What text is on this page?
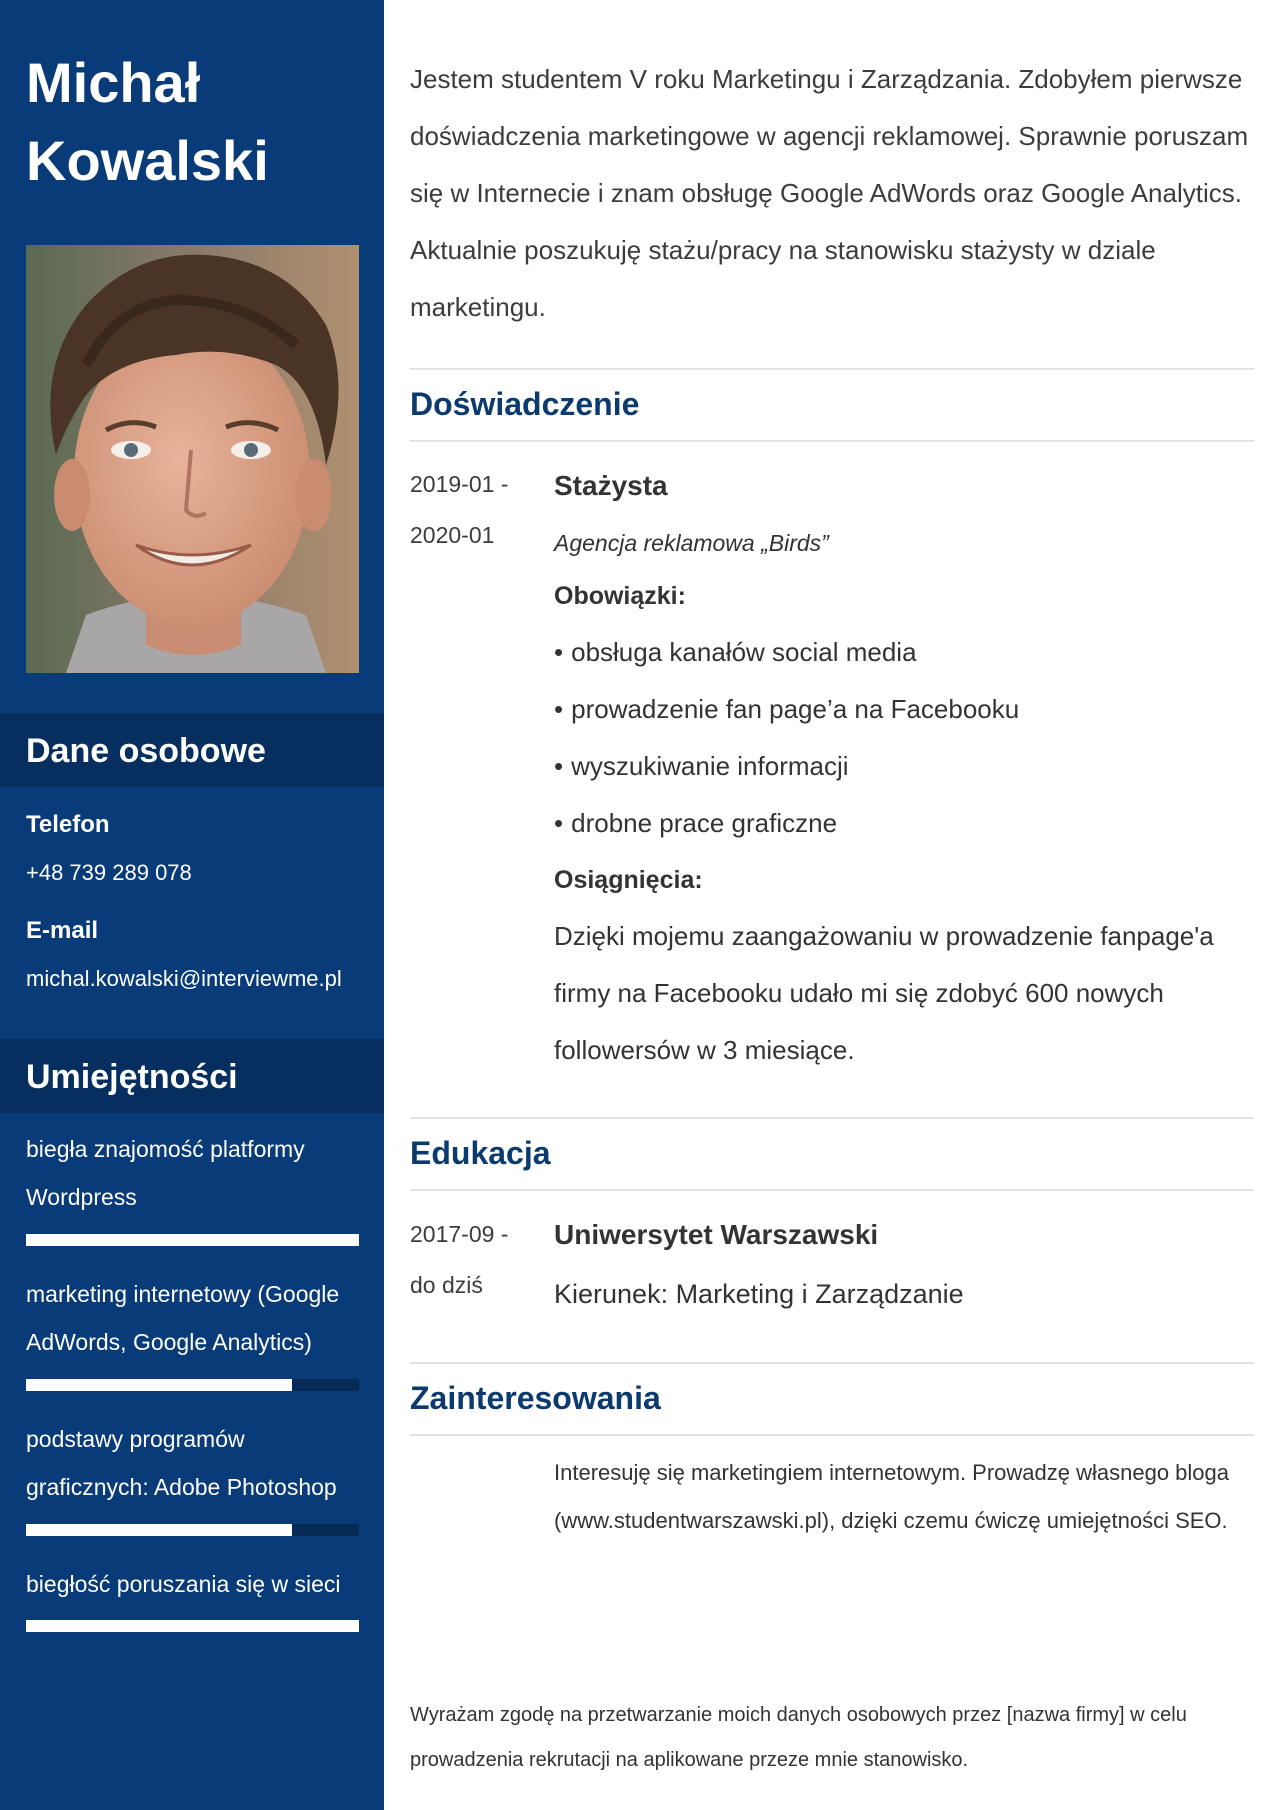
Michał
Kowalski
Dane osobowe
Telefon
+48 739 289 078
E-mail
michal.kowalski@interviewme.pl
Umiejętności
biegła znajomość platformy Wordpress
marketing internetowy (Google AdWords, Google Analytics)
podstawy programów graficznych: Adobe Photoshop
biegłość poruszania się w sieci
Jestem studentem V roku Marketingu i Zarządzania. Zdobyłem pierwsze doświadczenia marketingowe w agencji reklamowej. Sprawnie poruszam się w Internecie i znam obsługę Google AdWords oraz Google Analytics. Aktualnie poszukuję stażu/pracy na stanowisku stażysty w dziale marketingu.
Doświadczenie
2019-01 -
2020-01
Stażysta
Agencja reklamowa „Birds”
Obowiązki:
• obsługa kanałów social media
• prowadzenie fan page’a na Facebooku
• wyszukiwanie informacji
• drobne prace graficzne
Osiągnięcia:
Dzięki mojemu zaangażowaniu w prowadzenie fanpage'a firmy na Facebooku udało mi się zdobyć 600 nowych followersów w 3 miesiące.
Edukacja
2017-09 -
do dziś
Uniwersytet Warszawski
Kierunek: Marketing i Zarządzanie
Zainteresowania
Interesuję się marketingiem internetowym. Prowadzę własnego bloga (www.studentwarszawski.pl), dzięki czemu ćwiczę umiejętności SEO.
Wyrażam zgodę na przetwarzanie moich danych osobowych przez [nazwa firmy] w celu prowadzenia rekrutacji na aplikowane przeze mnie stanowisko.
